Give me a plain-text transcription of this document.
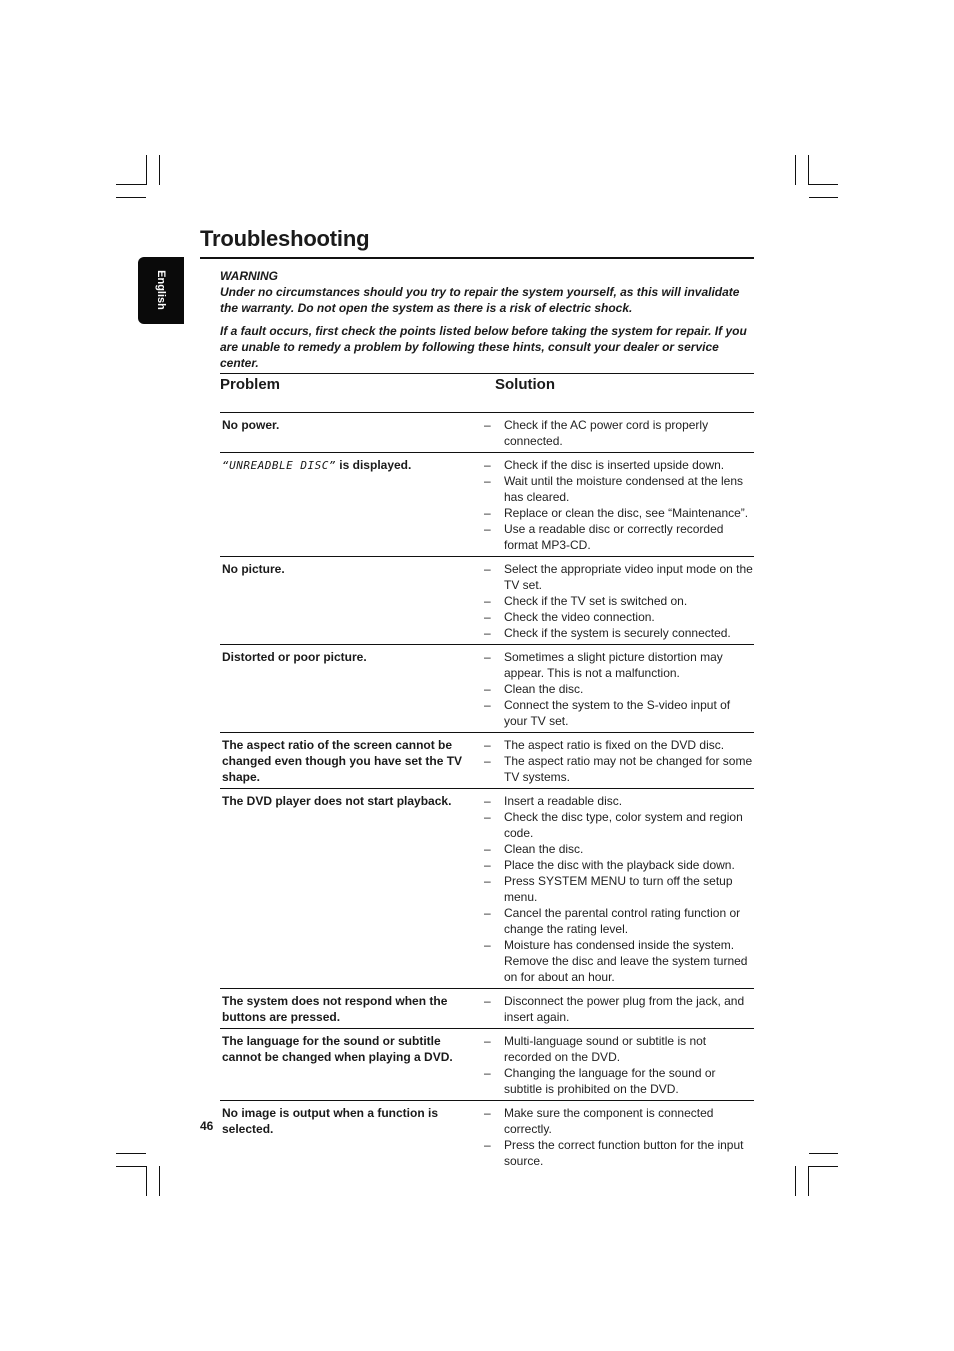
Troubleshooting
English	WARNING

Under no circumstances should you try to repair the system yourself, as this will invalidate the warranty. Do not open the system as there is a risk of electric shock.

If a fault occurs, first check the points listed below before taking the system for repair. If you are unable to remedy a problem by following these hints, consult your dealer or service center.

Problem	Solution
No power.	– Check if the AC power cord is properly connected.
“UNREADBLE DISC” is displayed.	– Check if the disc is inserted upside down.
– Wait until the moisture condensed at the lens has cleared.
– Replace or clean the disc, see “Maintenance”.
– Use a readable disc or correctly recorded format MP3-CD.
No picture.	– Select the appropriate video input mode on the TV set.
– Check if the TV set is switched on.
– Check the video connection.
– Check if the system is securely connected.
Distorted or poor picture.	– Sometimes a slight picture distortion may appear. This is not a malfunction.
– Clean the disc.
– Connect the system to the S-video input of your TV set.
The aspect ratio of the screen cannot be changed even though you have set the TV shape.
– The aspect ratio is fixed on the DVD disc.
– The aspect ratio may not be changed for some TV systems.
The DVD player does not start playback.	– Insert a readable disc.
– Check the disc type, color system and region code.
– Clean the disc.
– Place the disc with the playback side down.
– Press SYSTEM MENU to turn off the setup menu.
– Cancel the parental control rating function or change the rating level.
– Moisture has condensed inside the system. Remove the disc and leave the system turned on for about an hour.
The system does not respond when the buttons are pressed.
– Disconnect the power plug from the jack, and insert again.
The language for the sound or subtitle cannot be changed when playing a DVD.
– Multi-language sound or subtitle is not recorded on the DVD.
– Changing the language for the sound or subtitle is prohibited on the DVD.
No image is output when a function is selected.
– Make sure the component is connected correctly.
– Press the correct function button for the input source.
46
